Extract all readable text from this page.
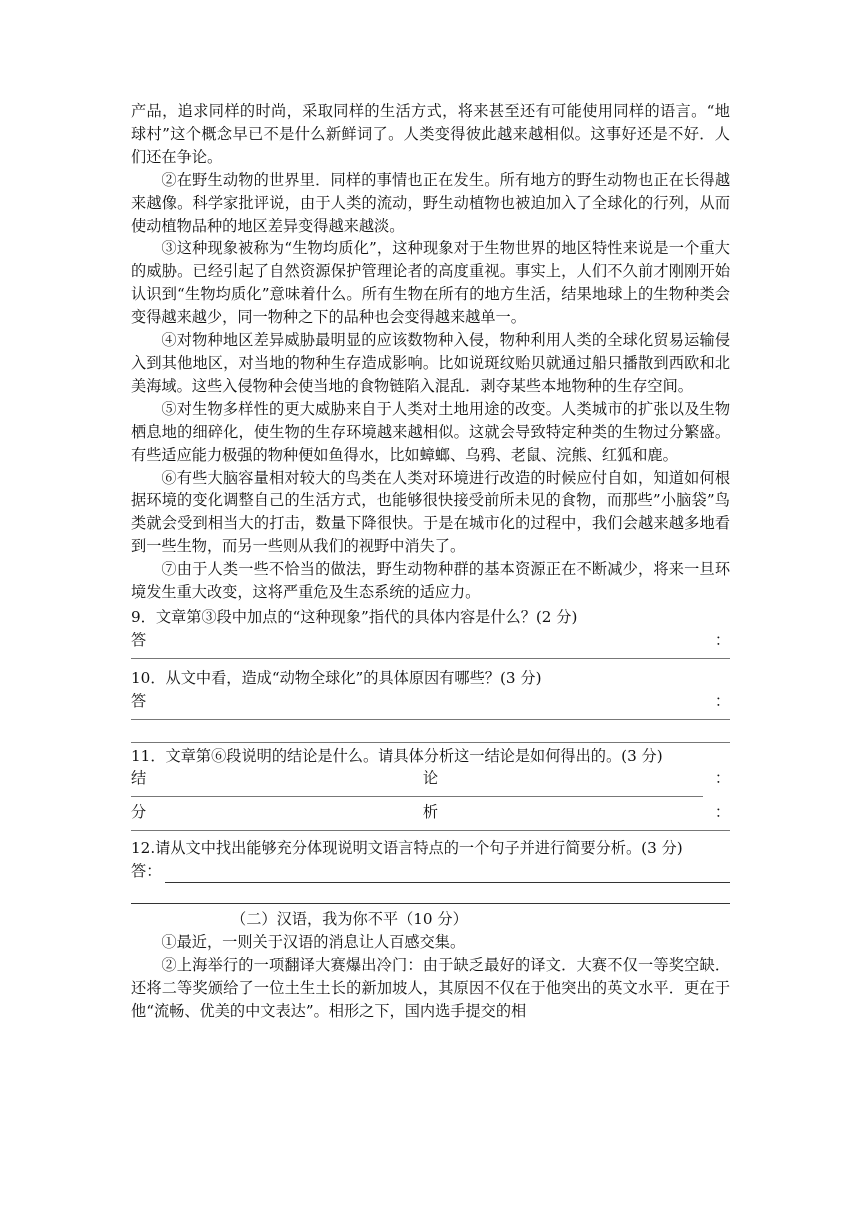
产品，追求同样的时尚，采取同样的生活方式，将来甚至还有可能使用同样的语言。“地球村”这个概念早已不是什么新鲜词了。人类变得彼此越来越相似。这事好还是不好．人们还在争论。

②在野生动物的世界里．同样的事情也正在发生。所有地方的野生动物也正在长得越来越像。科学家批评说，由于人类的流动，野生动植物也被迫加入了全球化的行列，从而使动植物品种的地区差异变得越来越淡。

③这种现象被称为“生物均质化”，这种现象对于生物世界的地区特性来说是一个重大的威胁。已经引起了自然资源保护管理论者的高度重视。事实上，人们不久前才刚刚开始认识到“生物均质化”意味着什么。所有生物在所有的地方生活，结果地球上的生物种类会变得越来越少，同一物种之下的品种也会变得越来越单一。

④对物种地区差异威胁最明显的应该数物种入侵，物种利用人类的全球化贸易运输侵入到其他地区，对当地的物种生存造成影响。比如说斑纹贻贝就通过船只播散到西欧和北美海域。这些入侵物种会使当地的食物链陷入混乱．剥夺某些本地物种的生存空间。

⑤对生物多样性的更大威胁来自于人类对土地用途的改变。人类城市的扩张以及生物栖息地的细碎化，使生物的生存环境越来越相似。这就会导致特定种类的生物过分繁盛。有些适应能力极强的物种便如鱼得水，比如蟑螂、乌鸦、老鼠、浣熊、红狐和鹿。

⑥有些大脑容量相对较大的鸟类在人类对环境进行改造的时候应付自如，知道如何根据环境的变化调整自己的生活方式，也能够很快接受前所未见的食物，而那些”小脑袋”鸟类就会受到相当大的打击，数量下降很快。于是在城市化的过程中，我们会越来越多地看到一些生物，而另一些则从我们的视野中消失了。

⑦由于人类一些不恰当的做法，野生动物种群的基本资源正在不断减少，将来一旦环境发生重大改变，这将严重危及生态系统的适应力。

9．文章第③段中加点的“这种现象”指代的具体内容是什么？(2 分)

答	：

10．从文中看，造成“动物全球化”的具体原因有哪些？(3 分)

答	：

11．文章第⑥段说明的结论是什么。请具体分析这一结论是如何得出的。(3 分)

结	论	：
分	析	：

12.请从文中找出能够充分体现说明文语言特点的一个句子并进行简要分析。(3 分)

答：
（二）汉语，我为你不平（10 分）

①最近，一则关于汉语的消息让人百感交集。

②上海举行的一项翻译大赛爆出冷门：由于缺乏最好的译文．大赛不仅一等奖空缺．还将二等奖颁给了一位土生土长的新加坡人，其原因不仅在于他突出的英文水平．更在于他“流畅、优美的中文表达”。相形之下，国内选手提交的相
